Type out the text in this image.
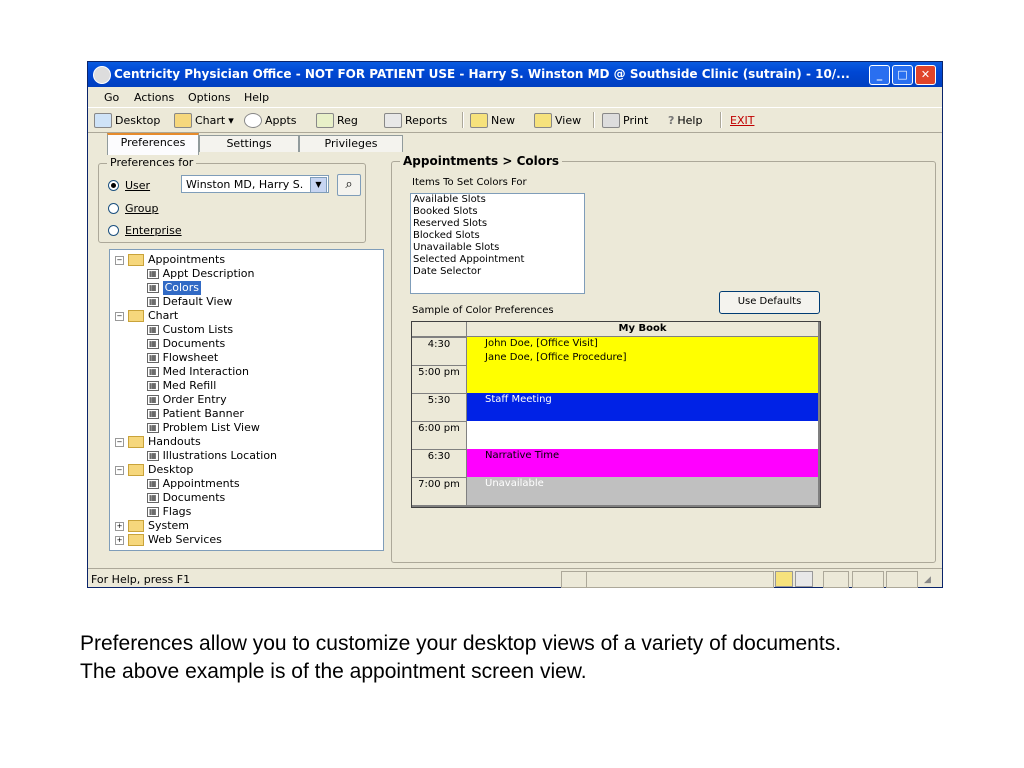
Centricity Physician Office - NOT FOR PATIENT USE - Harry S. Winston MD @ Southside Clinic (sutrain) - 10/...	_	□	✕
Go Actions Options Help
Desktop	Chart ▾	Appts	Reg	Reports	New	View	Print ? Help	EXIT
Preferences	Settings	Privileges
Preferences for
User	Winston MD, Harry S.	▼	⌕
Group
Enterprise
− Appointments
▦ Appt Description
▦ Colors
▦ Default View
− Chart
▦ Custom Lists
▦ Documents
▦ Flowsheet
▦ Med Interaction
▦ Med Refill
▦ Order Entry
▦ Patient Banner
▦ Problem List View
− Handouts
▦ Illustrations Location
− Desktop
▦ Appointments
▦ Documents
▦ Flags
+ System
+ Web Services
Appointments > Colors
Items To Set Colors For
Available Slots
Booked Slots
Reserved Slots
Blocked Slots
Unavailable Slots
Selected Appointment
Date Selector
Use Defaults
Sample of Color Preferences
My Book
4:30	John Doe, [Office Visit]
Jane Doe, [Office Procedure]
5:00 pm
5:30	Staff Meeting
6:00 pm
6:30	Narrative Time
7:00 pm	Unavailable
For Help, press F1	◢
Preferences allow you to customize your desktop views of a variety of documents.
The above example is of the appointment screen view.
